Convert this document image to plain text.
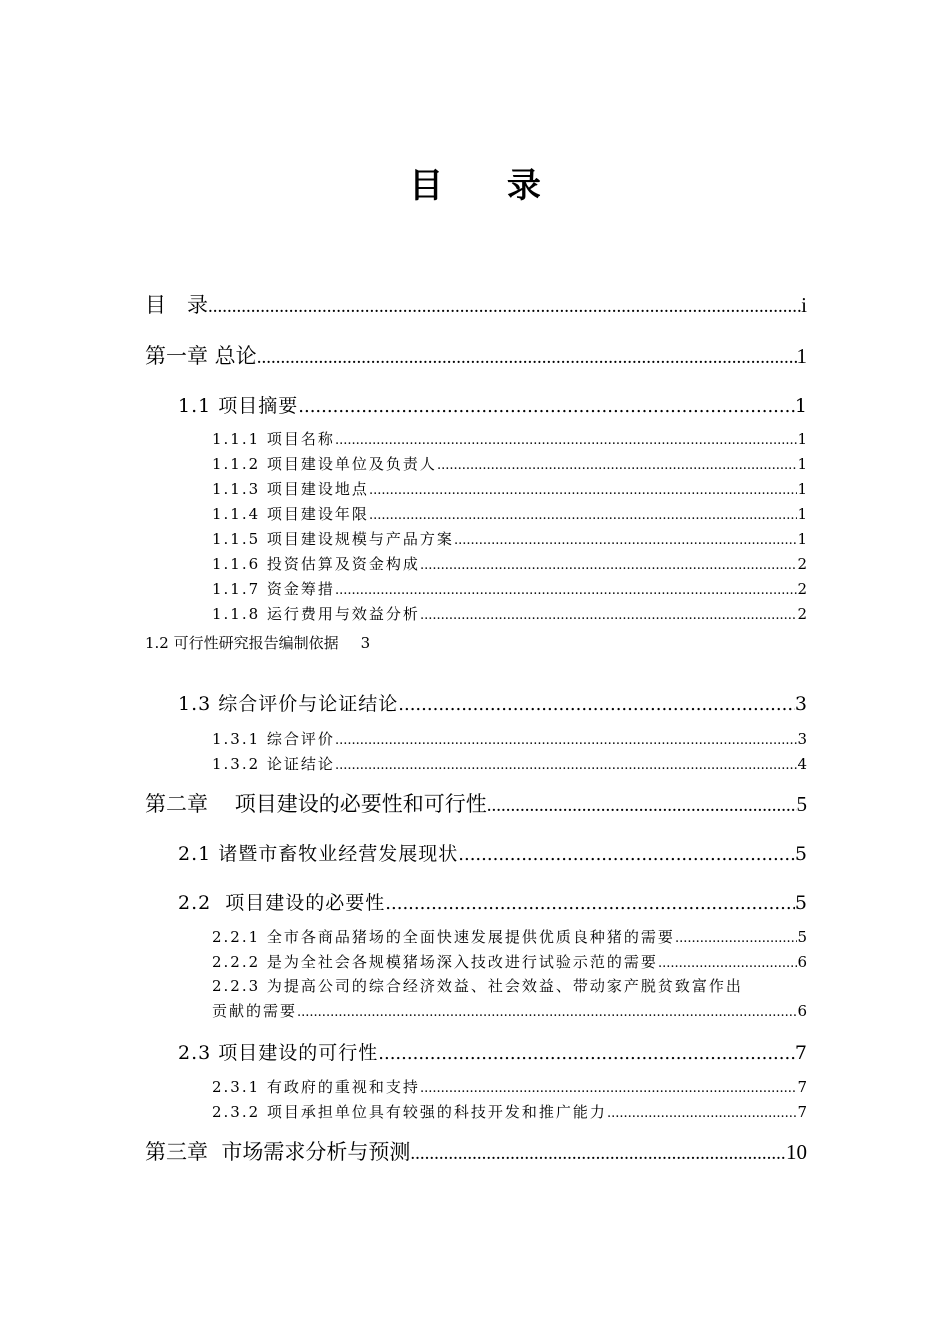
目 录
目　录 .....	i
第一章 总论 .....	1
1.1 项目摘要 .....	1
1.1.1 项目名称 .....	1
1.1.2 项目建设单位及负责人 .....	1
1.1.3 项目建设地点 .....	1
1.1.4 项目建设年限 .....	1
1.1.5 项目建设规模与产品方案 .....	1
1.1.6 投资估算及资金构成 .....	2
1.1.7 资金筹措 .....	2
1.1.8 运行费用与效益分析 .....	2
1.2 可行性研究报告编制依据 3
1.3 综合评价与论证结论 .....	3
1.3.1 综合评价 .....	3
1.3.2 论证结论 .....	4
第二章    项目建设的必要性和可行性 .....	5
2.1 诸暨市畜牧业经营发展现状 .....	5
2.2  项目建设的必要性 .....	5
2.2.1 全市各商品猪场的全面快速发展提供优质良种猪的需要 .....	5
2.2.2 是为全社会各规模猪场深入技改进行试验示范的需要 .....	6
2.2.3 为提高公司的综合经济效益、社会效益、带动家产脱贫致富作出
贡献的需要 .....	6
2.3 项目建设的可行性 .....	7
2.3.1 有政府的重视和支持 .....	7
2.3.2 项目承担单位具有较强的科技开发和推广能力 .....	7
第三章  市场需求分析与预测 .....	10
